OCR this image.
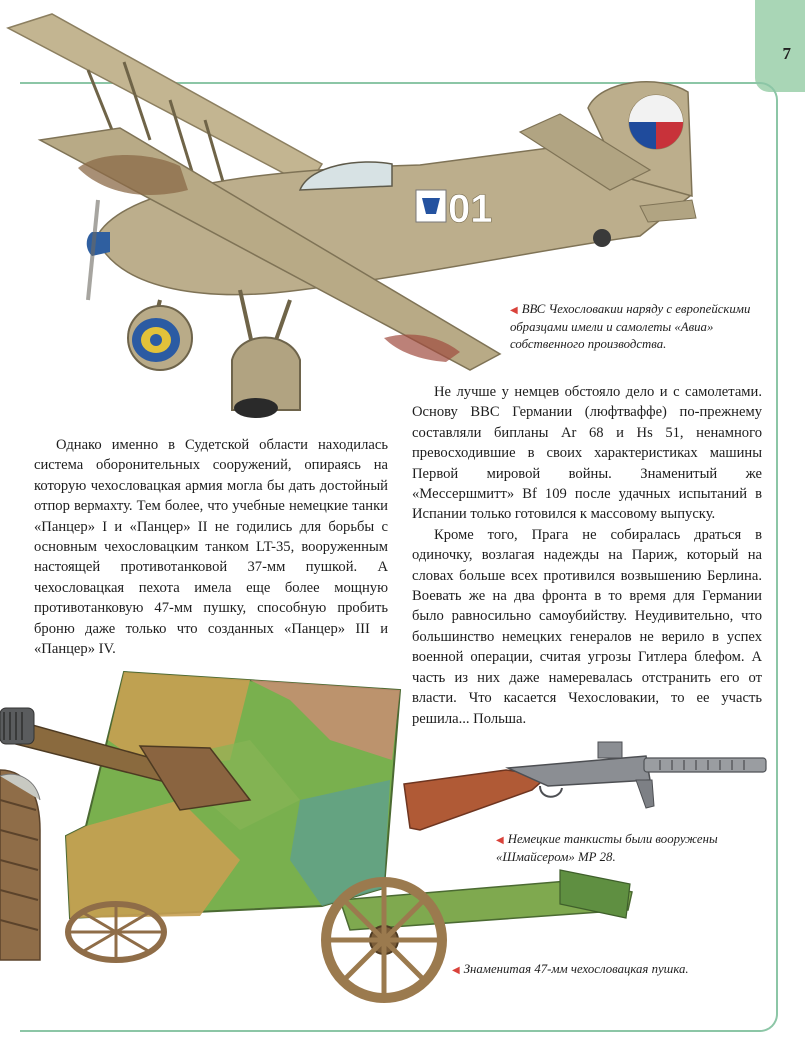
7
01
◀ ВВС Чехословакии наряду с европейскими образцами имели и самолеты «Авиа» собственного производства.

Однако именно в Судетской области находилась система оборонительных сооружений, опираясь на которую чехословацкая армия могла бы дать достойный отпор вермахту. Тем более, что учебные немецкие танки «Панцер» I и «Панцер» II не годились для борьбы с основным чехословацким танком LT-35, вооруженным настоящей противотанковой 37-мм пушкой. А чехословацкая пехота имела еще более мощную противотанковую 47-мм пушку, способную пробить броню даже только что созданных «Панцер» III и «Панцер» IV.

Не лучше у немцев обстояло дело и с самолетами. Основу ВВС Германии (люфтваффе) по-прежнему составляли бипланы Ar 68 и Hs 51, ненамного превосходившие в своих характеристиках машины Первой мировой войны. Знаменитый же «Мессершмитт» Bf 109 после удачных испытаний в Испании только готовился к массовому выпуску.

Кроме того, Прага не собиралась драться в одиночку, возлагая надежды на Париж, который на словах больше всех противился возвышению Берлина. Воевать же на два фронта в то время для Германии было равносильно самоубийству. Неудивительно, что большинство немецких генералов не верило в успех военной операции, считая угрозы Гитлера блефом. А часть из них даже намеревалась отстранить его от власти. Что касается Чехословакии, то ее участь решила... Польша.

◀ Немецкие танкисты были вооружены «Шмайсером» МР 28.
◀ Знаменитая 47-мм чехословацкая пушка.
